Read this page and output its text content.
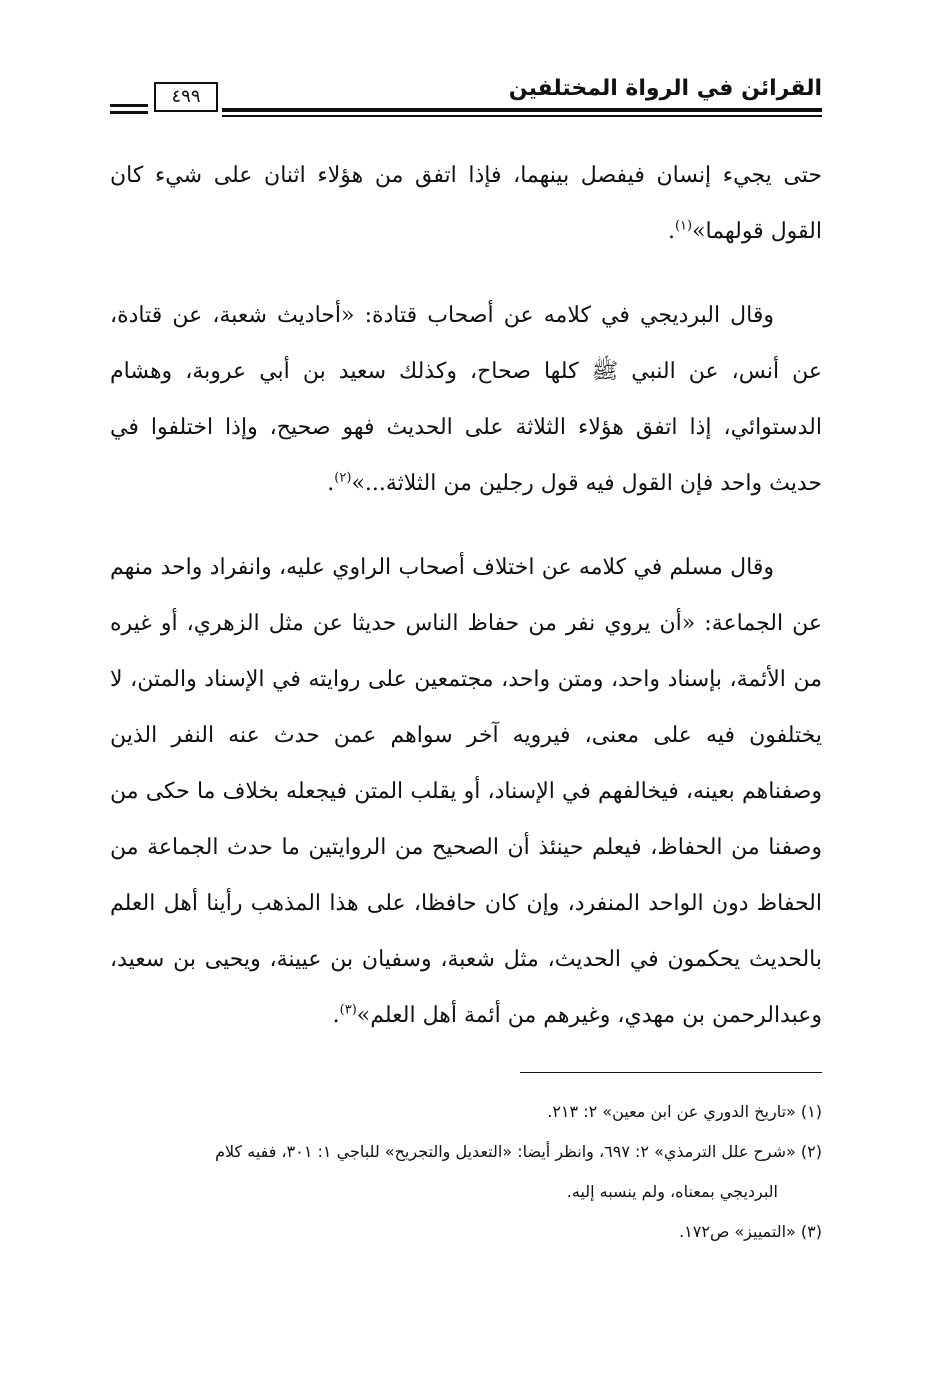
القرائن في الرواة المختلفين
٤٩٩

حتى يجيء إنسان فيفصل بينهما، فإذا اتفق من هؤلاء اثنان على شيء كان القول قولهما»$^{(١)}$.

وقال البرديجي في كلامه عن أصحاب قتادة: «أحاديث شعبة، عن قتادة، عن أنس، عن النبي ﷺ كلها صحاح، وكذلك سعيد بن أبي عروبة، وهشام الدستوائي، إذا اتفق هؤلاء الثلاثة على الحديث فهو صحيح، وإذا اختلفوا في حديث واحد فإن القول فيه قول رجلين من الثلاثة...»$^{(٢)}$.

وقال مسلم في كلامه عن اختلاف أصحاب الراوي عليه، وانفراد واحد منهم عن الجماعة: «أن يروي نفر من حفاظ الناس حديثا عن مثل الزهري، أو غيره من الأئمة، بإسناد واحد، ومتن واحد، مجتمعين على روايته في الإسناد والمتن، لا يختلفون فيه على معنى، فيرويه آخر سواهم عمن حدث عنه النفر الذين وصفناهم بعينه، فيخالفهم في الإسناد، أو يقلب المتن فيجعله بخلاف ما حكى من وصفنا من الحفاظ، فيعلم حينئذ أن الصحيح من الروايتين ما حدث الجماعة من الحفاظ دون الواحد المنفرد، وإن كان حافظا، على هذا المذهب رأينا أهل العلم بالحديث يحكمون في الحديث، مثل شعبة، وسفيان بن عيينة، ويحيى بن سعيد، وعبدالرحمن بن مهدي، وغيرهم من أئمة أهل العلم»$^{(٣)}$.

(١) «تاريخ الدوري عن ابن معين» ٢: ٢١٣.

(٢) «شرح علل الترمذي» ٢: ٦٩٧، وانظر أيضا: «التعديل والتجريح» للباجي ١: ٣٠١، ففيه كلام

البرديجي بمعناه، ولم ينسبه إليه.

(٣) «التمييز» ص١٧٢.
